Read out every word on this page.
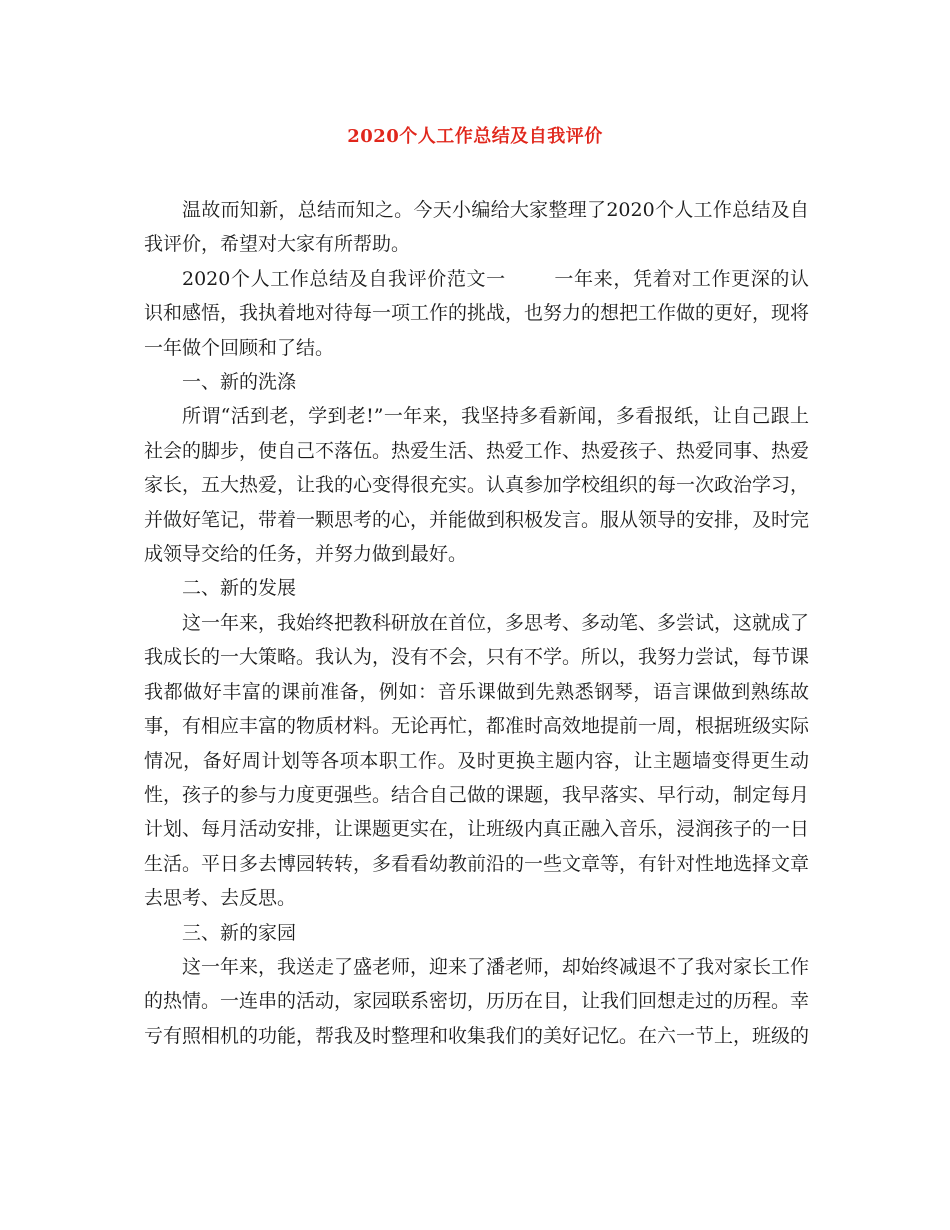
2020个人工作总结及自我评价

温故而知新，总结而知之。今天小编给大家整理了2020个人工作总结及自我评价，希望对大家有所帮助。

2020个人工作总结及自我评价范文一	一年来，凭着对工作更深的认识和感悟，我执着地对待每一项工作的挑战，也努力的想把工作做的更好，现将一年做个回顾和了结。

一、新的洗涤

所谓“活到老，学到老!”一年来，我坚持多看新闻，多看报纸，让自己跟上社会的脚步，使自己不落伍。热爱生活、热爱工作、热爱孩子、热爱同事、热爱家长，五大热爱，让我的心变得很充实。认真参加学校组织的每一次政治学习，并做好笔记，带着一颗思考的心，并能做到积极发言。服从领导的安排，及时完成领导交给的任务，并努力做到最好。

二、新的发展

这一年来，我始终把教科研放在首位，多思考、多动笔、多尝试，这就成了我成长的一大策略。我认为，没有不会，只有不学。所以，我努力尝试，每节课我都做好丰富的课前准备，例如：音乐课做到先熟悉钢琴，语言课做到熟练故事，有相应丰富的物质材料。无论再忙，都准时高效地提前一周，根据班级实际情况，备好周计划等各项本职工作。及时更换主题内容，让主题墙变得更生动性，孩子的参与力度更强些。结合自己做的课题，我早落实、早行动，制定每月计划、每月活动安排，让课题更实在，让班级内真正融入音乐，浸润孩子的一日生活。平日多去博园转转，多看看幼教前沿的一些文章等，有针对性地选择文章去思考、去反思。

三、新的家园

这一年来，我送走了盛老师，迎来了潘老师，却始终减退不了我对家长工作的热情。一连串的活动，家园联系密切，历历在目，让我们回想走过的历程。幸亏有照相机的功能，帮我及时整理和收集我们的美好记忆。在六一节上，班级的
